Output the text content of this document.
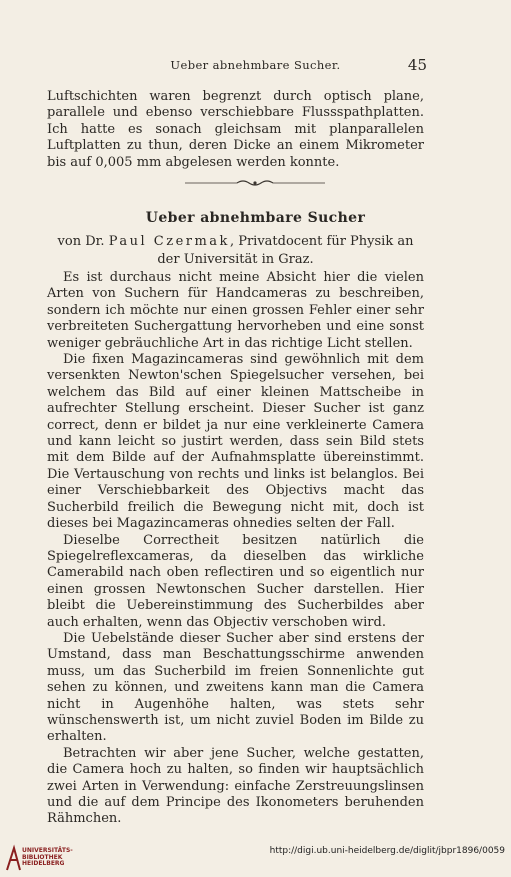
Ueber abnehmbare Sucher.	45

Luftschichten waren begrenzt durch optisch plane, parallele und ebenso verschiebbare Flussspathplatten. Ich hatte es sonach gleichsam mit planparallelen Luftplatten zu thun, deren Dicke an einem Mikrometer bis auf 0,005 mm abgelesen werden konnte.

Ueber abnehmbare Sucher
von Dr. Paul Czermak, Privatdocent für Physik an der Universität in Graz.

Es ist durchaus nicht meine Absicht hier die vielen Arten von Suchern für Handcameras zu beschreiben, sondern ich möchte nur einen grossen Fehler einer sehr verbreiteten Suchergattung hervorheben und eine sonst weniger gebräuchliche Art in das richtige Licht stellen.

Die fixen Magazincameras sind gewöhnlich mit dem versenkten Newton'schen Spiegelsucher versehen, bei welchem das Bild auf einer kleinen Mattscheibe in aufrechter Stellung erscheint. Dieser Sucher ist ganz correct, denn er bildet ja nur eine verkleinerte Camera und kann leicht so justirt werden, dass sein Bild stets mit dem Bilde auf der Aufnahmsplatte übereinstimmt. Die Vertauschung von rechts und links ist belanglos. Bei einer Verschiebbarkeit des Objectivs macht das Sucherbild freilich die Bewegung nicht mit, doch ist dieses bei Magazincameras ohnedies selten der Fall.

Dieselbe Correctheit besitzen natürlich die Spiegelreflexcameras, da dieselben das wirkliche Camerabild nach oben reflectiren und so eigentlich nur einen grossen Newtonschen Sucher darstellen. Hier bleibt die Uebereinstimmung des Sucherbildes aber auch erhalten, wenn das Objectiv verschoben wird.

Die Uebelstände dieser Sucher aber sind erstens der Umstand, dass man Beschattungsschirme anwenden muss, um das Sucherbild im freien Sonnenlichte gut sehen zu können, und zweitens kann man die Camera nicht in Augenhöhe halten, was stets sehr wünschenswerth ist, um nicht zuviel Boden im Bilde zu erhalten.

Betrachten wir aber jene Sucher, welche gestatten, die Camera hoch zu halten, so finden wir hauptsächlich zwei Arten in Verwendung: einfache Zerstreuungslinsen und die auf dem Principe des Ikonometers beruhenden Rähmchen.

UNIVERSITÄTS-
BIBLIOTHEK
HEIDELBERG
http://digi.ub.uni-heidelberg.de/diglit/jbpr1896/0059
